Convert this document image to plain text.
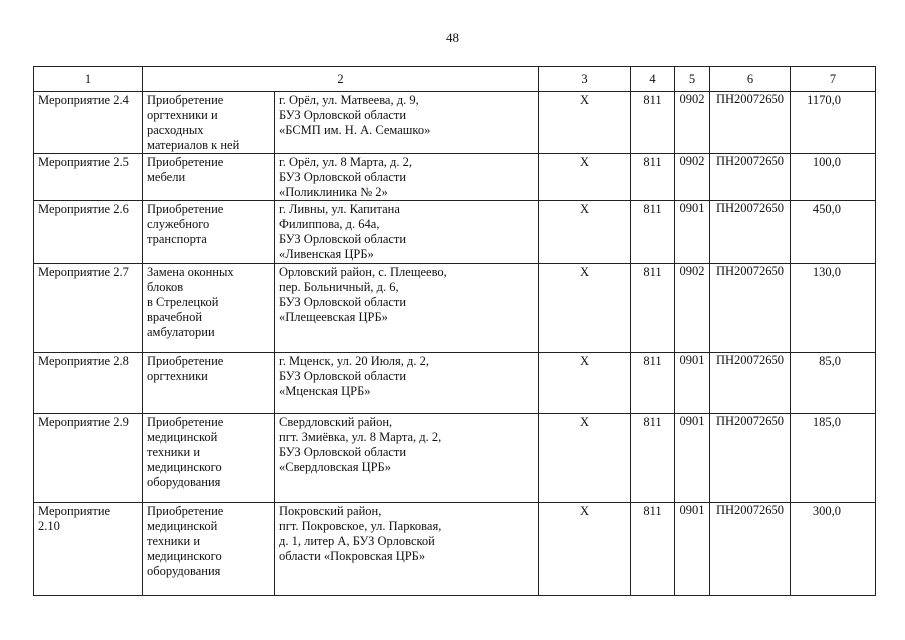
48
1	2		3	4	5	6	7
Мероприятие 2.4	Приобретение
оргтехники и
расходных
материалов к ней	г. Орёл, ул. Матвеева, д. 9,
БУЗ Орловской области
«БСМП им. Н. А. Семашко»	Х	811	0902	ПН20072650	1170,0
Мероприятие 2.5	Приобретение
мебели	г. Орёл, ул. 8 Марта, д. 2,
БУЗ Орловской области
«Поликлиника № 2»	Х	811	0902	ПН20072650	100,0
Мероприятие 2.6	Приобретение
служебного
транспорта	г. Ливны, ул. Капитана
Филиппова, д. 64а,
БУЗ Орловской области
«Ливенская ЦРБ»	Х	811	0901	ПН20072650	450,0
Мероприятие 2.7	Замена оконных
блоков
в Стрелецкой
врачебной
амбулатории	Орловский район, с. Плещеево,
пер. Больничный, д. 6,
БУЗ Орловской области
«Плещеевская ЦРБ»	Х	811	0902	ПН20072650	130,0
Мероприятие 2.8	Приобретение
оргтехники	г. Мценск, ул. 20 Июля, д. 2,
БУЗ Орловской области
«Мценская ЦРБ»	Х	811	0901	ПН20072650	85,0
Мероприятие 2.9	Приобретение
медицинской
техники и
медицинского
оборудования	Свердловский район,
пгт. Змиёвка, ул. 8 Марта, д. 2,
БУЗ Орловской области
«Свердловская ЦРБ»	Х	811	0901	ПН20072650	185,0
Мероприятие
2.10	Приобретение
медицинской
техники и
медицинского
оборудования	Покровский район,
пгт. Покровское, ул. Парковая,
д. 1, литер А, БУЗ Орловской
области «Покровская ЦРБ»	Х	811	0901	ПН20072650	300,0
